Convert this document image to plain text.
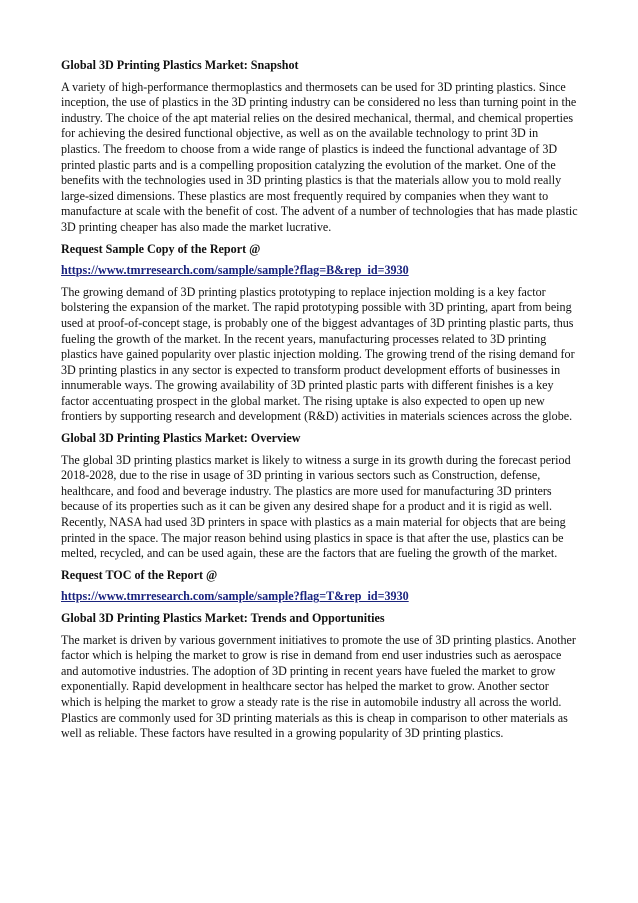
Global 3D Printing Plastics Market: Snapshot

A variety of high-performance thermoplastics and thermosets can be used for 3D printing plastics. Since inception, the use of plastics in the 3D printing industry can be considered no less than turning point in the industry. The choice of the apt material relies on the desired mechanical, thermal, and chemical properties for achieving the desired functional objective, as well as on the available technology to print 3D in plastics. The freedom to choose from a wide range of plastics is indeed the functional advantage of 3D printed plastic parts and is a compelling proposition catalyzing the evolution of the market. One of the benefits with the technologies used in 3D printing plastics is that the materials allow you to mold really large-sized dimensions. These plastics are most frequently required by companies when they want to manufacture at scale with the benefit of cost. The advent of a number of technologies that has made plastic 3D printing cheaper has also made the market lucrative.

Request Sample Copy of the Report @
https://www.tmrresearch.com/sample/sample?flag=B&rep_id=3930

The growing demand of 3D printing plastics prototyping to replace injection molding is a key factor bolstering the expansion of the market. The rapid prototyping possible with 3D printing, apart from being used at proof-of-concept stage, is probably one of the biggest advantages of 3D printing plastic parts, thus fueling the growth of the market. In the recent years, manufacturing processes related to 3D printing plastics have gained popularity over plastic injection molding. The growing trend of the rising demand for 3D printing plastics in any sector is expected to transform product development efforts of businesses in innumerable ways. The growing availability of 3D printed plastic parts with different finishes is a key factor accentuating prospect in the global market. The rising uptake is also expected to open up new frontiers by supporting research and development (R&D) activities in materials sciences across the globe.

Global 3D Printing Plastics Market: Overview

The global 3D printing plastics market is likely to witness a surge in its growth during the forecast period 2018-2028, due to the rise in usage of 3D printing in various sectors such as Construction, defense, healthcare, and food and beverage industry. The plastics are more used for manufacturing 3D printers because of its properties such as it can be given any desired shape for a product and it is rigid as well. Recently, NASA had used 3D printers in space with plastics as a main material for objects that are being printed in the space. The major reason behind using plastics in space is that after the use, plastics can be melted, recycled, and can be used again, these are the factors that are fueling the growth of the market.

Request TOC of the Report @
https://www.tmrresearch.com/sample/sample?flag=T&rep_id=3930
Global 3D Printing Plastics Market: Trends and Opportunities

The market is driven by various government initiatives to promote the use of 3D printing plastics. Another factor which is helping the market to grow is rise in demand from end user industries such as aerospace and automotive industries. The adoption of 3D printing in recent years have fueled the market to grow exponentially. Rapid development in healthcare sector has helped the market to grow. Another sector which is helping the market to grow a steady rate is the rise in automobile industry all across the world. Plastics are commonly used for 3D printing materials as this is cheap in comparison to other materials as well as reliable. These factors have resulted in a growing popularity of 3D printing plastics.
